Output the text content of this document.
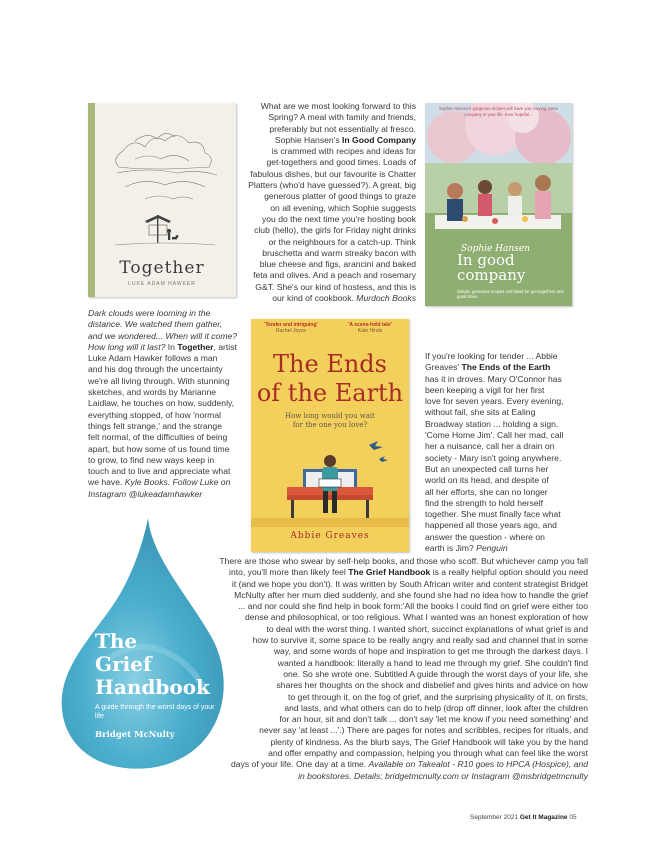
Together
LUKE ADAM HAWKER
What are we most looking forward to this
Spring? A meal with family and friends,
preferably but not essentially al fresco.
Sophie Hansen's In Good Company
is crammed with recipes and ideas for
get-togethers and good times. Loads of
fabulous dishes, but our favourite is Chatter
Platters (who'd have guessed?). A great, big
generous platter of good things to graze
on all evening, which Sophie suggests
you do the next time you're hosting book
club (hello), the girls for Friday night drinks
or the neighbours for a catch-up. Think
bruschetta and warm streaky bacon with
blue cheese and figs, arancini and baked
feta and olives. And a peach and rosemary
G&T. She's our kind of hostess, and this is
our kind of cookbook. Murdoch Books
Sophie Hansen's gorgeous recipes will have you craving some company in your life. Ever hopeful...
Sophie Hansen
In good
company
Simple, generous recipes and ideas for get-togethers and good times
Dark clouds were looming in the
distance. We watched them gather,
and we wondered... When will it come?
How long will it last? In Together, artist
Luke Adam Hawker follows a man
and his dog through the uncertainty
we're all living through. With stunning
sketches, and words by Marianne
Laidlaw, he touches on how, suddenly,
everything stopped, of how 'normal
things felt strange,' and the strange
felt normal, of the difficulties of being
apart, but how some of us found time
to grow, to find new ways keep in
touch and to live and appreciate what
we have. Kyle Books. Follow Luke on
Instagram @lukeadamhawker
'Tender and intriguing'
Rachel Joyce
'A scene-hold tale'
Kate Hinds
The Ends
of the Earth
How long would you wait
for the one you love?
Abbie Greaves
If you're looking for tender ... Abbie
Greaves' The Ends of the Earth
has it in droves. Mary O'Connor has
been keeping a vigil for her first
love for seven years. Every evening,
without fail, she sits at Ealing
Broadway station ... holding a sign.
'Come Home Jim'. Call her mad, call
her a nuisance, call her a drain on
society - Mary isn't going anywhere.
But an unexpected call turns her
world on its head, and despite of
all her efforts, she can no longer
find the strength to hold herself
together. She must finally face what
happened all those years ago, and
answer the question - where on
earth is Jim? Penguin
The
Grief
Handbook
A guide through the worst days of your life
Bridget McNulty
There are those who swear by self-help books, and those who scoff. But whichever camp you fall
into, you'll more than likely feel The Grief Handbook is a really helpful option should you need
it (and we hope you don't). It was written by South African writer and content strategist Bridget
McNulty after her mum died suddenly, and she found she had no idea how to handle the grief
... and nor could she find help in book form:'All the books I could find on grief were either too
dense and philosophical, or too religious. What I wanted was an honest exploration of how
to deal with the worst thing. I wanted short, succinct explanations of what grief is and
how to survive it, some space to be really angry and really sad and channel that in some
way, and some words of hope and inspiration to get me through the darkest days. I
wanted a handbook: literally a hand to lead me through my grief. She couldn't find
one. So she wrote one. Subtitled A guide through the worst days of your life, she
shares her thoughts on the shock and disbelief and gives hints and advice on how
to get through it, on the fog of grief, and the surprising physicality of it, on firsts,
and lasts, and what others can do to help (drop off dinner, look after the children
for an hour, sit and don't talk ... don't say 'let me know if you need something' and
never say 'at least ...'.) There are pages for notes and scribbles, recipes for rituals, and
plenty of kindness. As the blurb says, The Grief Handbook will take you by the hand
and offer empathy and compassion, helping you through what can feel like the worst
days of your life. One day at a time. Available on Takealot - R10 goes to HPCA (Hospice), and
in bookstores. Details; bridgetmcnulty.com or Instagram @msbridgetmcnulty
September 2021 Get It Magazine 05
